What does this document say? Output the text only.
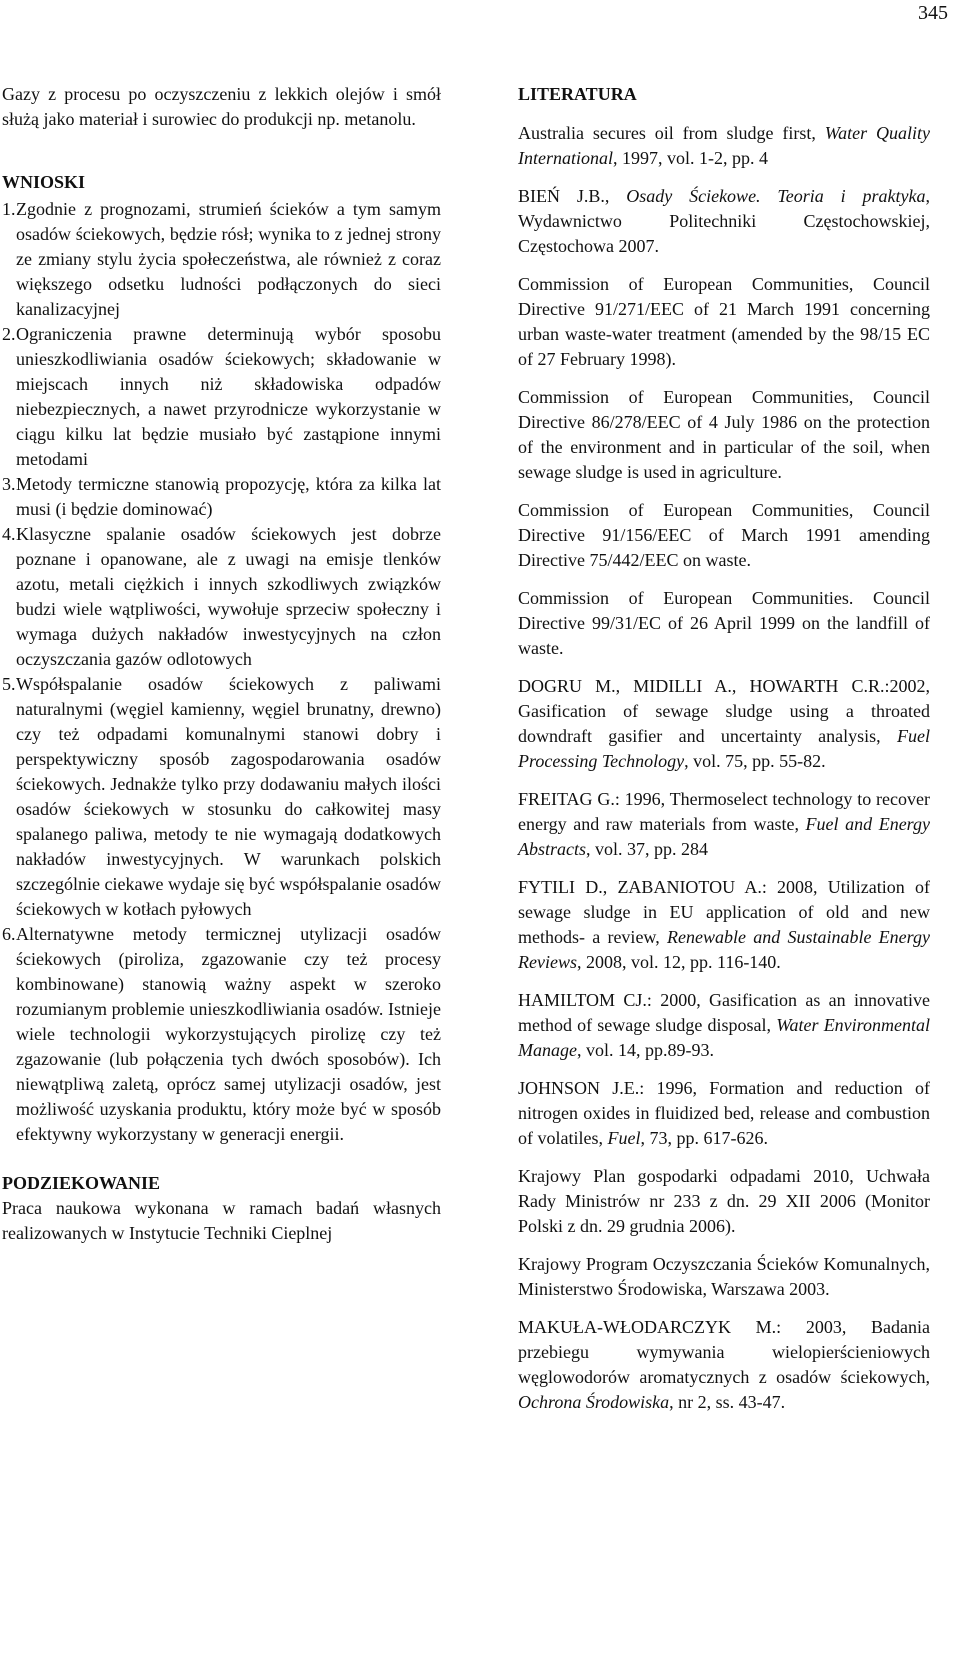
345

Gazy z procesu po oczyszczeniu z lekkich olejów i smół służą jako materiał i surowiec do produkcji np. metanolu.

WNIOSKI

1. Zgodnie z prognozami, strumień ścieków a tym samym osadów ściekowych, będzie rósł; wynika to z jednej strony ze zmiany stylu życia społeczeństwa, ale również z coraz większego odsetku ludności podłączonych do sieci kanalizacyjnej
2. Ograniczenia prawne determinują wybór sposobu unieszkodliwiania osadów ściekowych; składowanie w miejscach innych niż składowiska odpadów niebezpiecznych, a nawet przyrodnicze wykorzystanie w ciągu kilku lat będzie musiało być zastąpione innymi metodami
3. Metody termiczne stanowią propozycję, która za kilka lat musi (i będzie dominować)
4. Klasyczne spalanie osadów ściekowych jest dobrze poznane i opanowane, ale z uwagi na emisje tlenków azotu, metali ciężkich i innych szkodliwych związków budzi wiele wątpliwości, wywołuje sprzeciw społeczny i wymaga dużych nakładów inwestycyjnych na człon oczyszczania gazów odlotowych
5. Współspalanie osadów ściekowych z paliwami naturalnymi (węgiel kamienny, węgiel brunatny, drewno) czy też odpadami komunalnymi stanowi dobry i perspektywiczny sposób zagospodarowania osadów ściekowych. Jednakże tylko przy dodawaniu małych ilości osadów ściekowych w stosunku do całkowitej masy spalanego paliwa, metody te nie wymagają dodatkowych nakładów inwestycyjnych. W warunkach polskich szczególnie ciekawe wydaje się być współspalanie osadów ściekowych w kotłach pyłowych
6. Alternatywne metody termicznej utylizacji osadów ściekowych (piroliza, zgazowanie czy też procesy kombinowane) stanowią ważny aspekt w szeroko rozumianym problemie unieszkodliwiania osadów. Istnieje wiele technologii wykorzystujących pirolizę czy też zgazowanie (lub połączenia tych dwóch sposobów). Ich niewątpliwą zaletą, oprócz samej utylizacji osadów, jest możliwość uzyskania produktu, który może być w sposób efektywny wykorzystany w generacji energii.

PODZIEKOWANIE

Praca naukowa wykonana w ramach badań własnych realizowanych w Instytucie Techniki Cieplnej

LITERATURA

Australia secures oil from sludge first, Water Quality International, 1997, vol. 1-2, pp. 4

BIEŃ J.B., Osady Ściekowe. Teoria i praktyka, Wydawnictwo Politechniki Częstochowskiej, Częstochowa 2007.

Commission of European Communities, Council Directive 91/271/EEC of 21 March 1991 concerning urban waste-water treatment (amended by the 98/15 EC of 27 February 1998).

Commission of European Communities, Council Directive 86/278/EEC of 4 July 1986 on the protection of the environment and in particular of the soil, when sewage sludge is used in agriculture.

Commission of European Communities, Council Directive 91/156/EEC of March 1991 amending Directive 75/442/EEC on waste.

Commission of European Communities. Council Directive 99/31/EC of 26 April 1999 on the landfill of waste.

DOGRU M., MIDILLI A., HOWARTH C.R.:2002, Gasification of sewage sludge using a throated downdraft gasifier and uncertainty analysis, Fuel Processing Technology, vol. 75, pp. 55-82.

FREITAG G.: 1996, Thermoselect technology to recover energy and raw materials from waste, Fuel and Energy Abstracts, vol. 37, pp. 284

FYTILI D., ZABANIOTOU A.: 2008, Utilization of sewage sludge in EU application of old and new methods- a review, Renewable and Sustainable Energy Reviews, 2008, vol. 12, pp. 116-140.

HAMILTOM CJ.: 2000, Gasification as an innovative method of sewage sludge disposal, Water Environmental Manage, vol. 14, pp.89-93.

JOHNSON J.E.: 1996, Formation and reduction of nitrogen oxides in fluidized bed, release and combustion of volatiles, Fuel, 73, pp. 617-626.

Krajowy Plan gospodarki odpadami 2010, Uchwała Rady Ministrów nr 233 z dn. 29 XII 2006 (Monitor Polski z dn. 29 grudnia 2006).

Krajowy Program Oczyszczania Ścieków Komunalnych, Ministerstwo Środowiska, Warszawa 2003.

MAKUŁA-WŁODARCZYK M.: 2003, Badania przebiegu wymywania wielopierścieniowych węglowodorów aromatycznych z osadów ściekowych, Ochrona Środowiska, nr 2, ss. 43-47.
